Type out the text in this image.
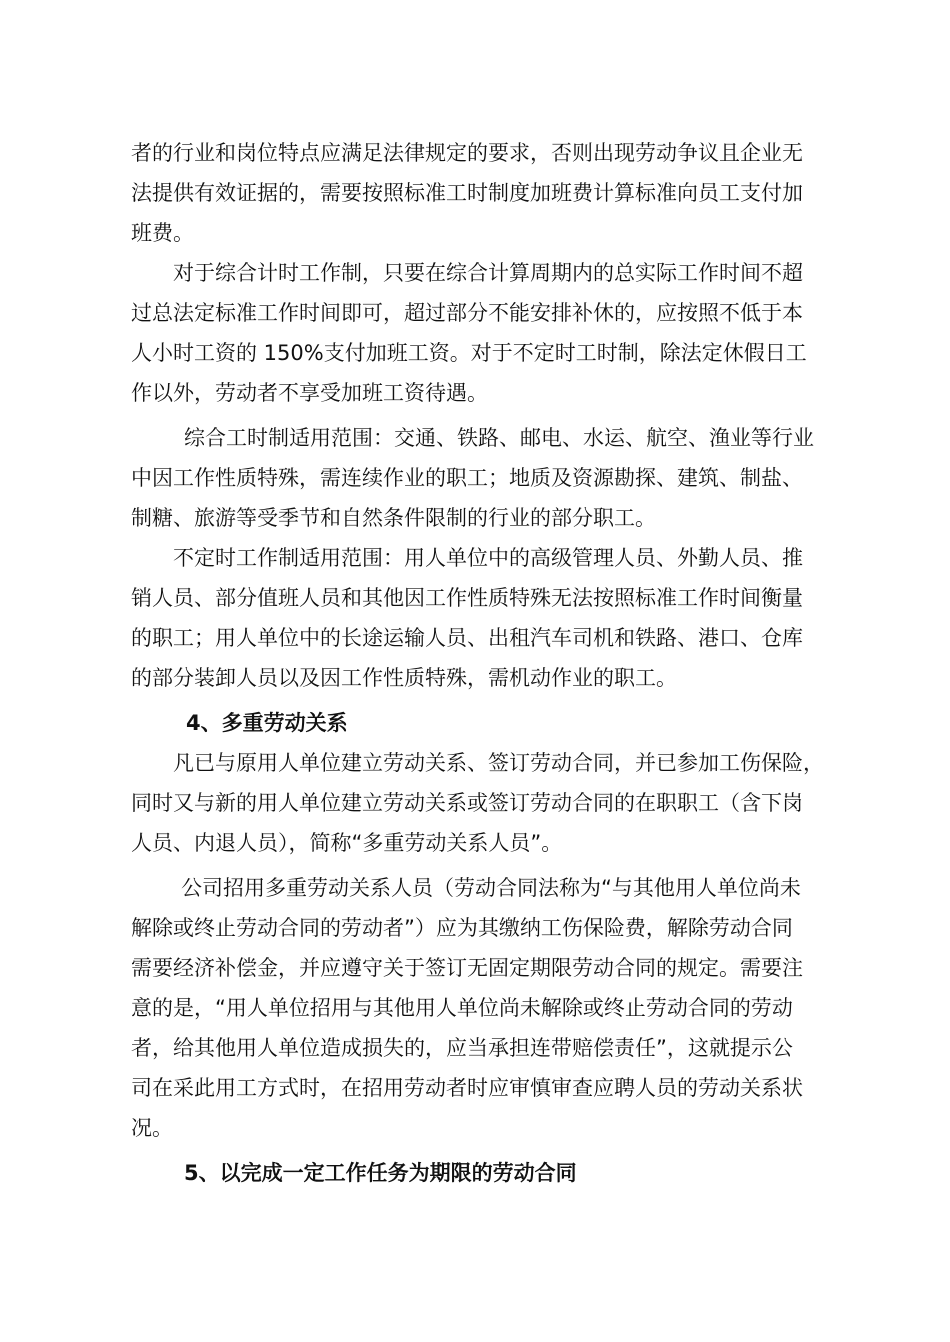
者的行业和岗位特点应满足法律规定的要求，否则出现劳动争议且企业无
法提供有效证据的，需要按照标准工时制度加班费计算标准向员工支付加
班费。
对于综合计时工作制，只要在综合计算周期内的总实际工作时间不超
过总法定标准工作时间即可，超过部分不能安排补休的，应按照不低于本
人小时工资的 150%支付加班工资。对于不定时工时制，除法定休假日工
作以外，劳动者不享受加班工资待遇。
综合工时制适用范围：交通、铁路、邮电、水运、航空、渔业等行业
中因工作性质特殊，需连续作业的职工；地质及资源勘探、建筑、制盐、
制糖、旅游等受季节和自然条件限制的行业的部分职工。
不定时工作制适用范围：用人单位中的高级管理人员、外勤人员、推
销人员、部分值班人员和其他因工作性质特殊无法按照标准工作时间衡量
的职工；用人单位中的长途运输人员、出租汽车司机和铁路、港口、仓库
的部分装卸人员以及因工作性质特殊，需机动作业的职工。
4、多重劳动关系
凡已与原用人单位建立劳动关系、签订劳动合同，并已参加工伤保险，
同时又与新的用人单位建立劳动关系或签订劳动合同的在职职工（含下岗
人员、内退人员），简称“多重劳动关系人员”。
公司招用多重劳动关系人员（劳动合同法称为“与其他用人单位尚未
解除或终止劳动合同的劳动者”）应为其缴纳工伤保险费，解除劳动合同
需要经济补偿金，并应遵守关于签订无固定期限劳动合同的规定。需要注
意的是，“用人单位招用与其他用人单位尚未解除或终止劳动合同的劳动
者，给其他用人单位造成损失的，应当承担连带赔偿责任”，这就提示公
司在采此用工方式时，在招用劳动者时应审慎审查应聘人员的劳动关系状
况。
5、以完成一定工作任务为期限的劳动合同
